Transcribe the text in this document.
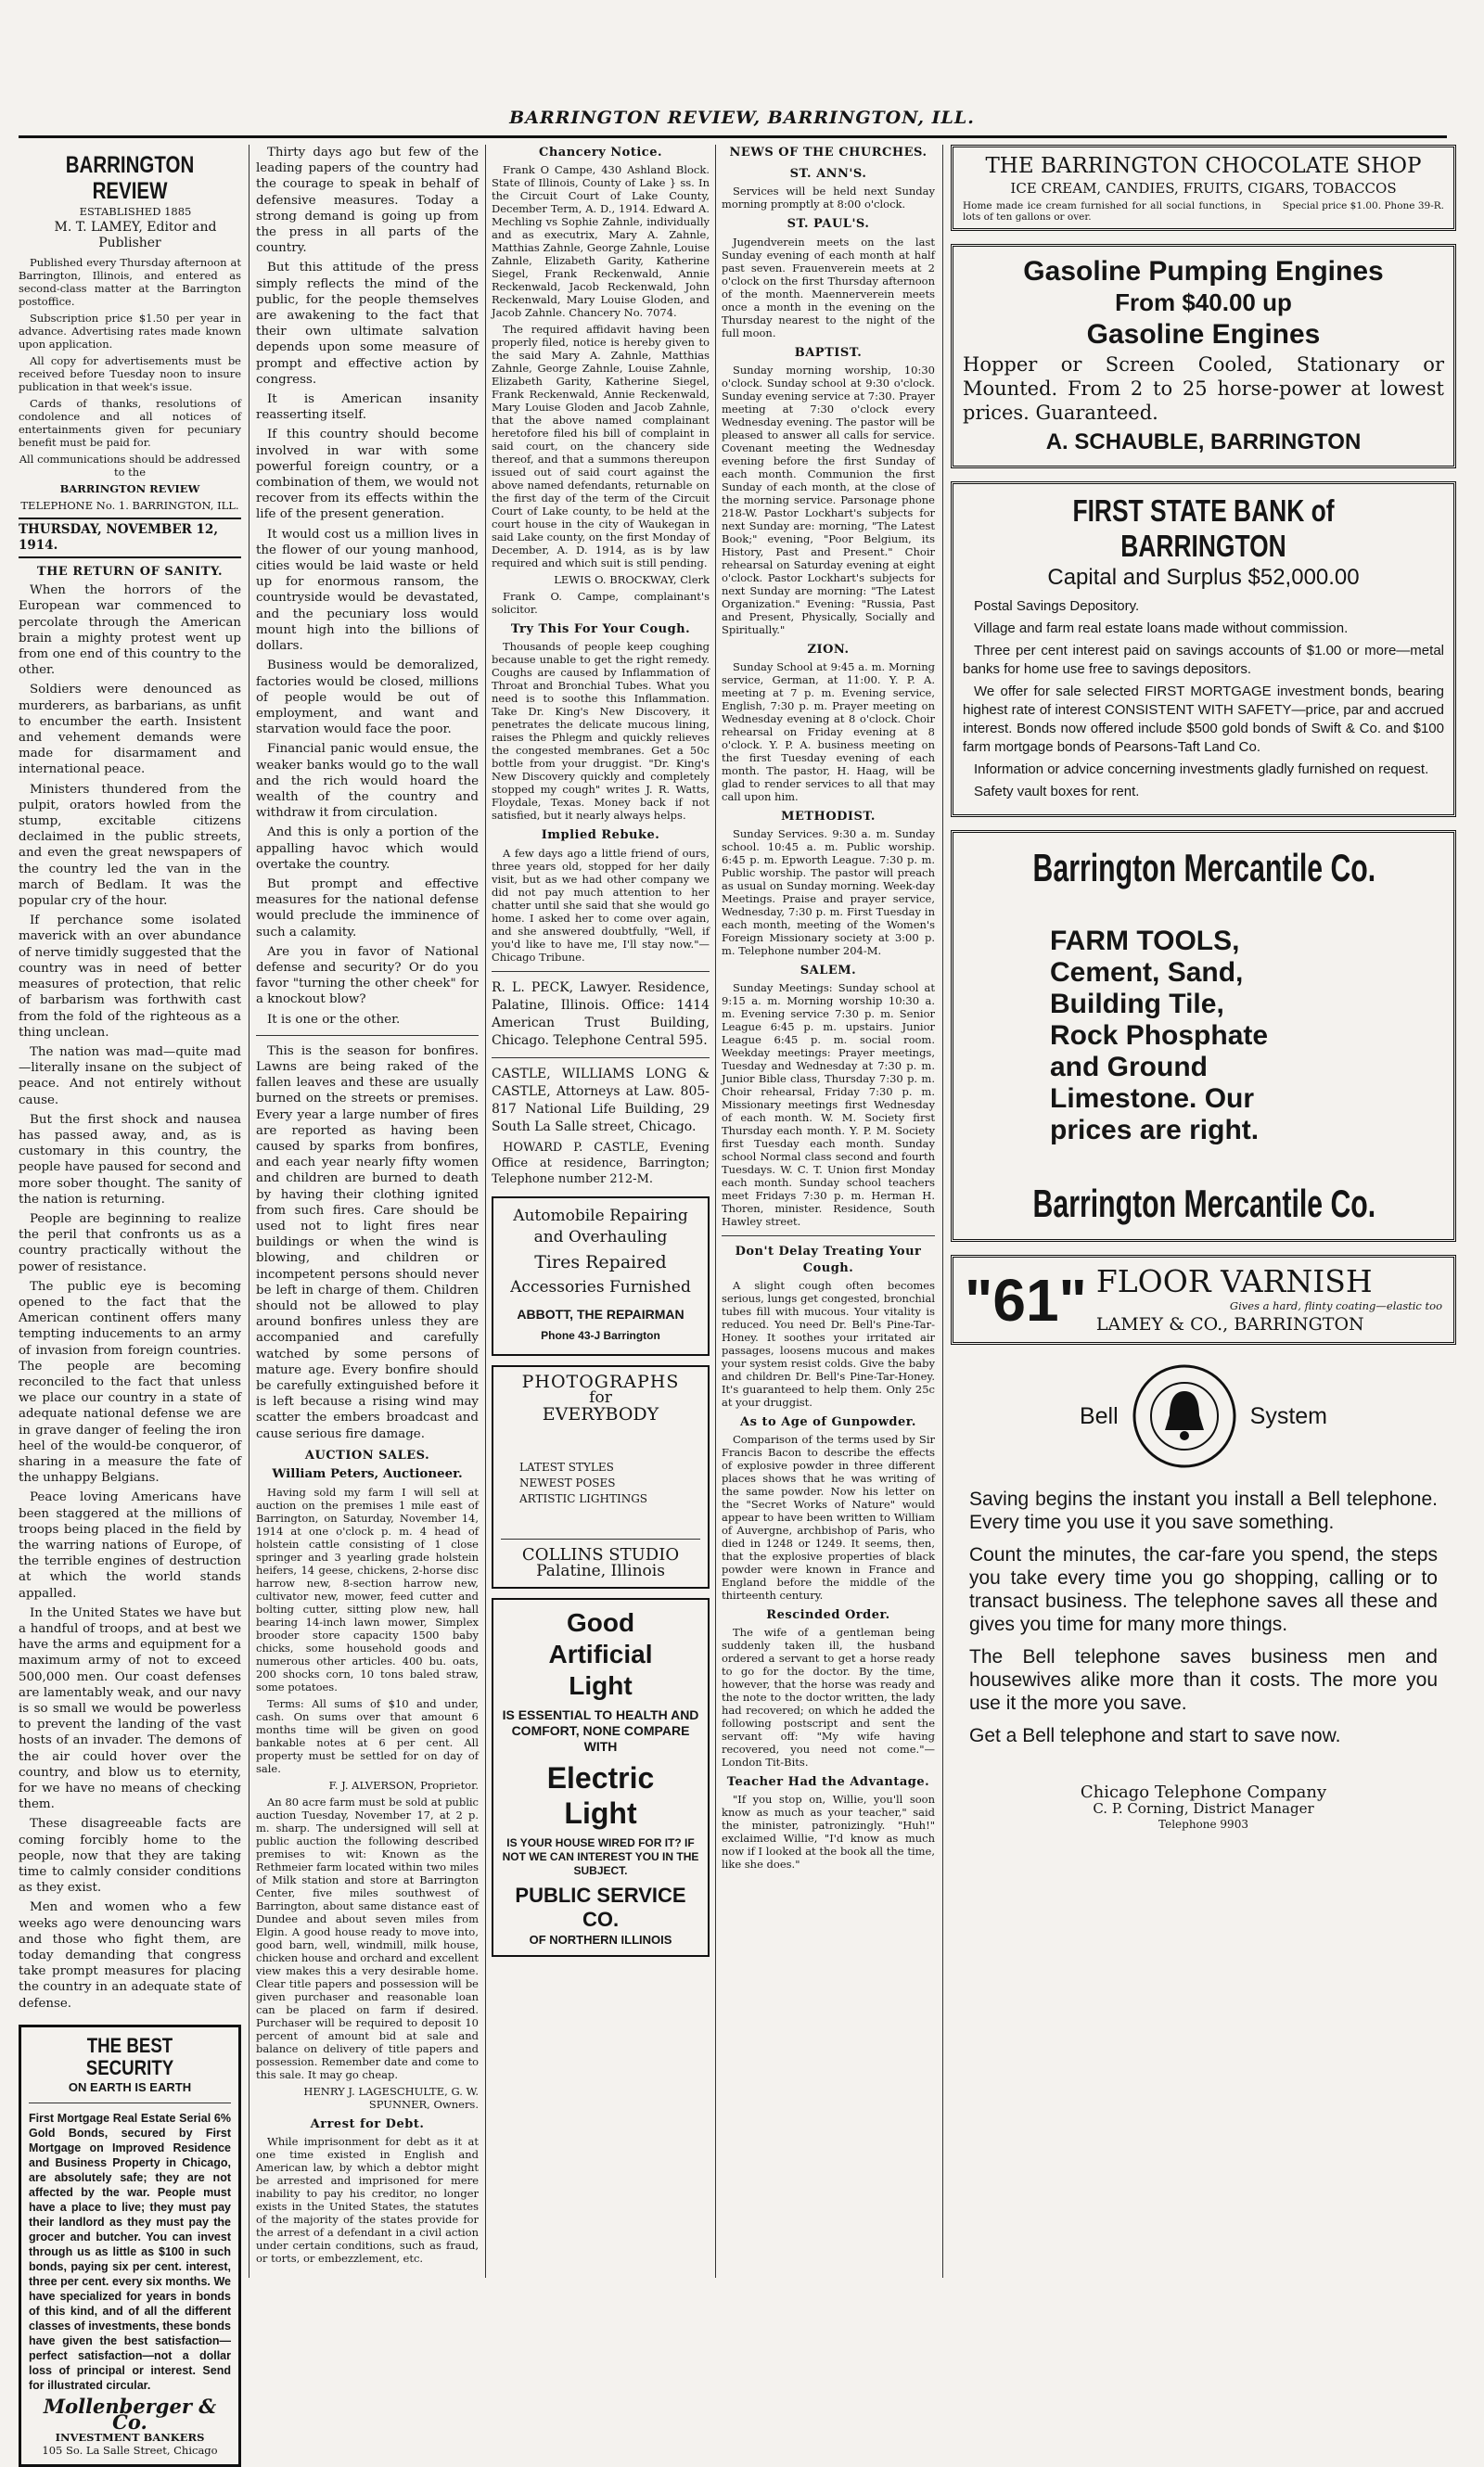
BARRINGTON REVIEW, BARRINGTON, ILL.
BARRINGTON REVIEW

ESTABLISHED 1885

M. T. LAMEY, Editor and Publisher

Published every Thursday afternoon at Barrington, Illinois, and entered as second-class matter at the Barrington postoffice.

Subscription price $1.50 per year in advance. Advertising rates made known upon application.

All copy for advertisements must be received before Tuesday noon to insure publication in that week's issue.

Cards of thanks, resolutions of condolence and all notices of entertainments given for pecuniary benefit must be paid for.

All communications should be addressed to the

BARRINGTON REVIEW

TELEPHONE No. 1. BARRINGTON, ILL.

THURSDAY, NOVEMBER 12, 1914.
THE RETURN OF SANITY.

When the horrors of the European war commenced to percolate through the American brain a mighty protest went up from one end of this country to the other.

Soldiers were denounced as murderers, as barbarians, as unfit to encumber the earth. Insistent and vehement demands were made for disarmament and international peace.

Ministers thundered from the pulpit, orators howled from the stump, excitable citizens declaimed in the public streets, and even the great newspapers of the country led the van in the march of Bedlam. It was the popular cry of the hour.

If perchance some isolated maverick with an over abundance of nerve timidly suggested that the country was in need of better measures of protection, that relic of barbarism was forthwith cast from the fold of the righteous as a thing unclean.

The nation was mad—quite mad—literally insane on the subject of peace. And not entirely without cause.

But the first shock and nausea has passed away, and, as is customary in this country, the people have paused for second and more sober thought. The sanity of the nation is returning.

People are beginning to realize the peril that confronts us as a country practically without the power of resistance.

The public eye is becoming opened to the fact that the American continent offers many tempting inducements to an army of invasion from foreign countries. The people are becoming reconciled to the fact that unless we place our country in a state of adequate national defense we are in grave danger of feeling the iron heel of the would-be conqueror, of sharing in a measure the fate of the unhappy Belgians.

Peace loving Americans have been staggered at the millions of troops being placed in the field by the warring nations of Europe, of the terrible engines of destruction at which the world stands appalled.

In the United States we have but a handful of troops, and at best we have the arms and equipment for a maximum army of not to exceed 500,000 men. Our coast defenses are lamentably weak, and our navy is so small we would be powerless to prevent the landing of the vast hosts of an invader. The demons of the air could hover over the country, and blow us to eternity, for we have no means of checking them.

These disagreeable facts are coming forcibly home to the people, now that they are taking time to calmly consider conditions as they exist.

Men and women who a few weeks ago were denouncing wars and those who fight them, are today demanding that congress take prompt measures for placing the country in an adequate state of defense.

THE BEST SECURITY
ON EARTH IS EARTH

First Mortgage Real Estate Serial 6% Gold Bonds, secured by First Mortgage on Improved Residence and Business Property in Chicago, are absolutely safe; they are not affected by the war. People must have a place to live; they must pay their landlord as they must pay the grocer and butcher. You can invest through us as little as $100 in such bonds, paying six per cent. interest, three per cent. every six months. We have specialized for years in bonds of this kind, and of all the different classes of investments, these bonds have given the best satisfaction—perfect satisfaction—not a dollar loss of principal or interest. Send for illustrated circular.

Mollenberger & Co.
INVESTMENT BANKERS
105 So. La Salle Street, Chicago

Thirty days ago but few of the leading papers of the country had the courage to speak in behalf of defensive measures. Today a strong demand is going up from the press in all parts of the country.

But this attitude of the press simply reflects the mind of the public, for the people themselves are awakening to the fact that their own ultimate salvation depends upon some measure of prompt and effective action by congress.

It is American insanity reasserting itself.

If this country should become involved in war with some powerful foreign country, or a combination of them, we would not recover from its effects within the life of the present generation.

It would cost us a million lives in the flower of our young manhood, cities would be laid waste or held up for enormous ransom, the countryside would be devastated, and the pecuniary loss would mount high into the billions of dollars.

Business would be demoralized, factories would be closed, millions of people would be out of employment, and want and starvation would face the poor.

Financial panic would ensue, the weaker banks would go to the wall and the rich would hoard the wealth of the country and withdraw it from circulation.

And this is only a portion of the appalling havoc which would overtake the country.

But prompt and effective measures for the national defense would preclude the imminence of such a calamity.

Are you in favor of National defense and security? Or do you favor "turning the other cheek" for a knockout blow?

It is one or the other.

This is the season for bonfires. Lawns are being raked of the fallen leaves and these are usually burned on the streets or premises. Every year a large number of fires are reported as having been caused by sparks from bonfires, and each year nearly fifty women and children are burned to death by having their clothing ignited from such fires. Care should be used not to light fires near buildings or when the wind is blowing, and children or incompetent persons should never be left in charge of them. Children should not be allowed to play around bonfires unless they are accompanied and carefully watched by some persons of mature age. Every bonfire should be carefully extinguished before it is left because a rising wind may scatter the embers broadcast and cause serious fire damage.

AUCTION SALES.

William Peters, Auctioneer.

Having sold my farm I will sell at auction on the premises 1 mile east of Barrington, on Saturday, November 14, 1914 at one o'clock p. m. 4 head of holstein cattle consisting of 1 close springer and 3 yearling grade holstein heifers, 14 geese, chickens, 2-horse disc harrow new, 8-section harrow new, cultivator new, mower, feed cutter and bolting cutter, sitting plow new, hall bearing 14-inch lawn mower, Simplex brooder store capacity 1500 baby chicks, some household goods and numerous other articles. 400 bu. oats, 200 shocks corn, 10 tons baled straw, some potatoes.

Terms: All sums of $10 and under, cash. On sums over that amount 6 months time will be given on good bankable notes at 6 per cent. All property must be settled for on day of sale.

F. J. ALVERSON, Proprietor.

An 80 acre farm must be sold at public auction Tuesday, November 17, at 2 p. m. sharp. The undersigned will sell at public auction the following described premises to wit: Known as the Rethmeier farm located within two miles of Milk station and store at Barrington Center, five miles southwest of Barrington, about same distance east of Dundee and about seven miles from Elgin. A good house ready to move into, good barn, well, windmill, milk house, chicken house and orchard and excellent view makes this a very desirable home. Clear title papers and possession will be given purchaser and reasonable loan can be placed on farm if desired. Purchaser will be required to deposit 10 percent of amount bid at sale and balance on delivery of title papers and possession. Remember date and come to this sale. It may go cheap.

HENRY J. LAGESCHULTE, G. W. SPUNNER, Owners.

Arrest for Debt.

While imprisonment for debt as it at one time existed in English and American law, by which a debtor might be arrested and imprisoned for mere inability to pay his creditor, no longer exists in the United States, the statutes of the majority of the states provide for the arrest of a defendant in a civil action under certain conditions, such as fraud, or torts, or embezzlement, etc.

Chancery Notice.

Frank O Campe, 430 Ashland Block. State of Illinois, County of Lake } ss. In the Circuit Court of Lake County, December Term, A. D., 1914. Edward A. Mechling vs Sophie Zahnle, individually and as executrix, Mary A. Zahnle, Matthias Zahnle, George Zahnle, Louise Zahnle, Elizabeth Garity, Katherine Siegel, Frank Reckenwald, Annie Reckenwald, Jacob Reckenwald, John Reckenwald, Mary Louise Gloden, and Jacob Zahnle. Chancery No. 7074.

The required affidavit having been properly filed, notice is hereby given to the said Mary A. Zahnle, Matthias Zahnle, George Zahnle, Louise Zahnle, Elizabeth Garity, Katherine Siegel, Frank Reckenwald, Annie Reckenwald, Mary Louise Gloden and Jacob Zahnle, that the above named complainant heretofore filed his bill of complaint in said court, on the chancery side thereof, and that a summons thereupon issued out of said court against the above named defendants, returnable on the first day of the term of the Circuit Court of Lake county, to be held at the court house in the city of Waukegan in said Lake county, on the first Monday of December, A. D. 1914, as is by law required and which suit is still pending.

LEWIS O. BROCKWAY, Clerk

Frank O. Campe, complainant's solicitor.

Try This For Your Cough.

Thousands of people keep coughing because unable to get the right remedy. Coughs are caused by Inflammation of Throat and Bronchial Tubes. What you need is to soothe this Inflammation. Take Dr. King's New Discovery, it penetrates the delicate mucous lining, raises the Phlegm and quickly relieves the congested membranes. Get a 50c bottle from your druggist. "Dr. King's New Discovery quickly and completely stopped my cough" writes J. R. Watts, Floydale, Texas. Money back if not satisfied, but it nearly always helps.

Implied Rebuke.

A few days ago a little friend of ours, three years old, stopped for her daily visit, but as we had other company we did not pay much attention to her chatter until she said that she would go home. I asked her to come over again, and she answered doubtfully, "Well, if you'd like to have me, I'll stay now."—Chicago Tribune.

R. L. PECK, Lawyer. Residence, Palatine, Illinois. Office: 1414 American Trust Building, Chicago. Telephone Central 595.

CASTLE, WILLIAMS LONG & CASTLE, Attorneys at Law. 805-817 National Life Building, 29 South La Salle street, Chicago.

HOWARD P. CASTLE, Evening Office at residence, Barrington; Telephone number 212-M.

Automobile Repairing and Overhauling
Tires Repaired
Accessories Furnished
ABBOTT, THE REPAIRMAN
Phone 43-J Barrington
PHOTOGRAPHS
for
EVERYBODY
LATEST STYLES
NEWEST POSES
ARTISTIC LIGHTINGS
COLLINS STUDIO
Palatine, Illinois
Good
Artificial
Light
IS ESSENTIAL TO HEALTH AND COMFORT, NONE COMPARE WITH
Electric
Light
IS YOUR HOUSE WIRED FOR IT? IF NOT WE CAN INTEREST YOU IN THE SUBJECT.
PUBLIC SERVICE CO.
OF NORTHERN ILLINOIS
NEWS OF THE CHURCHES.
ST. ANN'S.

Services will be held next Sunday morning promptly at 8:00 o'clock.

ST. PAUL'S.

Jugendverein meets on the last Sunday evening of each month at half past seven. Frauenverein meets at 2 o'clock on the first Thursday afternoon of the month. Maennerverein meets once a month in the evening on the Thursday nearest to the night of the full moon.

BAPTIST.

Sunday morning worship, 10:30 o'clock. Sunday school at 9:30 o'clock. Sunday evening service at 7:30. Prayer meeting at 7:30 o'clock every Wednesday evening. The pastor will be pleased to answer all calls for service. Covenant meeting the Wednesday evening before the first Sunday of each month. Communion the first Sunday of each month, at the close of the morning service. Parsonage phone 218-W. Pastor Lockhart's subjects for next Sunday are: morning, "The Latest Book;" evening, "Poor Belgium, its History, Past and Present." Choir rehearsal on Saturday evening at eight o'clock. Pastor Lockhart's subjects for next Sunday are morning: "The Latest Organization." Evening: "Russia, Past and Present, Physically, Socially and Spiritually."

ZION.

Sunday School at 9:45 a. m. Morning service, German, at 11:00. Y. P. A. meeting at 7 p. m. Evening service, English, 7:30 p. m. Prayer meeting on Wednesday evening at 8 o'clock. Choir rehearsal on Friday evening at 8 o'clock. Y. P. A. business meeting on the first Tuesday evening of each month. The pastor, H. Haag, will be glad to render services to all that may call upon him.

METHODIST.

Sunday Services. 9:30 a. m. Sunday school. 10:45 a. m. Public worship. 6:45 p. m. Epworth League. 7:30 p. m. Public worship. The pastor will preach as usual on Sunday morning. Week-day Meetings. Praise and prayer service, Wednesday, 7:30 p. m. First Tuesday in each month, meeting of the Women's Foreign Missionary society at 3:00 p. m. Telephone number 204-M.

SALEM.

Sunday Meetings: Sunday school at 9:15 a. m. Morning worship 10:30 a. m. Evening service 7:30 p. m. Senior League 6:45 p. m. upstairs. Junior League 6:45 p. m. social room. Weekday meetings: Prayer meetings, Tuesday and Wednesday at 7:30 p. m. Junior Bible class, Thursday 7:30 p. m. Choir rehearsal, Friday 7:30 p. m. Missionary meetings first Wednesday of each month. W. M. Society first Thursday each month. Y. P. M. Society first Tuesday each month. Sunday school Normal class second and fourth Tuesdays. W. C. T. Union first Monday each month. Sunday school teachers meet Fridays 7:30 p. m. Herman H. Thoren, minister. Residence, South Hawley street.

Don't Delay Treating Your Cough.

A slight cough often becomes serious, lungs get congested, bronchial tubes fill with mucous. Your vitality is reduced. You need Dr. Bell's Pine-Tar-Honey. It soothes your irritated air passages, loosens mucous and makes your system resist colds. Give the baby and children Dr. Bell's Pine-Tar-Honey. It's guaranteed to help them. Only 25c at your druggist.

As to Age of Gunpowder.

Comparison of the terms used by Sir Francis Bacon to describe the effects of explosive powder in three different places shows that he was writing of the same powder. Now his letter on the "Secret Works of Nature" would appear to have been written to William of Auvergne, archbishop of Paris, who died in 1248 or 1249. It seems, then, that the explosive properties of black powder were known in France and England before the middle of the thirteenth century.

Rescinded Order.

The wife of a gentleman being suddenly taken ill, the husband ordered a servant to get a horse ready to go for the doctor. By the time, however, that the horse was ready and the note to the doctor written, the lady had recovered; on which he added the following postscript and sent the servant off: "My wife having recovered, you need not come."—London Tit-Bits.

Teacher Had the Advantage.

"If you stop on, Willie, you'll soon know as much as your teacher," said the minister, patronizingly. "Huh!" exclaimed Willie, "I'd know as much now if I looked at the book all the time, like she does."

THE BARRINGTON CHOCOLATE SHOP
ICE CREAM, CANDIES, FRUITS, CIGARS, TOBACCOS
Home made ice cream furnished for all social functions, in lots of ten gallons or over.
Special price $1.00. Phone 39-R.
Gasoline Pumping Engines
From $40.00 up
Gasoline Engines

Hopper or Screen Cooled, Stationary or Mounted. From 2 to 25 horse-power at lowest prices. Guaranteed.

A. SCHAUBLE, BARRINGTON
FIRST STATE BANK of BARRINGTON
Capital and Surplus $52,000.00

Postal Savings Depository.

Village and farm real estate loans made without commission.

Three per cent interest paid on savings accounts of $1.00 or more—metal banks for home use free to savings depositors.

We offer for sale selected FIRST MORTGAGE investment bonds, bearing highest rate of interest CONSISTENT WITH SAFETY—price, par and accrued interest. Bonds now offered include $500 gold bonds of Swift & Co. and $100 farm mortgage bonds of Pearsons-Taft Land Co.

Information or advice concerning investments gladly furnished on request.

Safety vault boxes for rent.

Barrington Mercantile Co.
FARM TOOLS,
Cement, Sand,
Building Tile,
Rock Phosphate
and Ground
Limestone. Our
prices are right.
Barrington Mercantile Co.
"61" FLOOR VARNISH
Gives a hard, flinty coating—elastic too
LAMEY & CO., BARRINGTON
Bell	System

Saving begins the instant you install a Bell telephone. Every time you use it you save something.

Count the minutes, the car-fare you spend, the steps you take every time you go shopping, calling or to transact business. The telephone saves all these and gives you time for many more things.

The Bell telephone saves business men and housewives alike more than it costs. The more you use it the more you save.

Get a Bell telephone and start to save now.

Chicago Telephone Company
C. P. Corning, District Manager
Telephone 9903
